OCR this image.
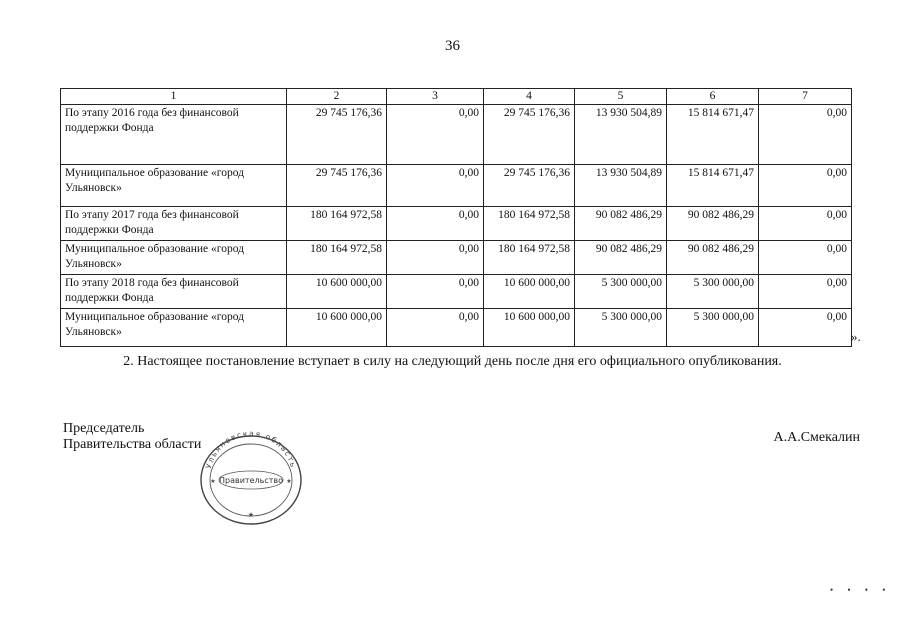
36
1	2	3	4	5	6	7
По этапу 2016 года без финансовой поддержки Фонда	29 745 176,36	0,00	29 745 176,36	13 930 504,89	15 814 671,47	0,00
Муниципальное образование «город Ульяновск»	29 745 176,36	0,00	29 745 176,36	13 930 504,89	15 814 671,47	0,00
По этапу 2017 года без финансовой поддержки Фонда	180 164 972,58	0,00	180 164 972,58	90 082 486,29	90 082 486,29	0,00
Муниципальное образование «город Ульяновск»	180 164 972,58	0,00	180 164 972,58	90 082 486,29	90 082 486,29	0,00
По этапу 2018 года без финансовой поддержки Фонда	10 600 000,00	0,00	10 600 000,00	5 300 000,00	5 300 000,00	0,00
Муниципальное образование «город Ульяновск»	10 600 000,00	0,00	10 600 000,00	5 300 000,00	5 300 000,00	0,00
».
2. Настоящее постановление вступает в силу на следующий день после дня его официального опубликования.
Председатель
Правительства области	А.А.Смекалин
Ульяновская область
Правительство
★
★	★
• • • •
